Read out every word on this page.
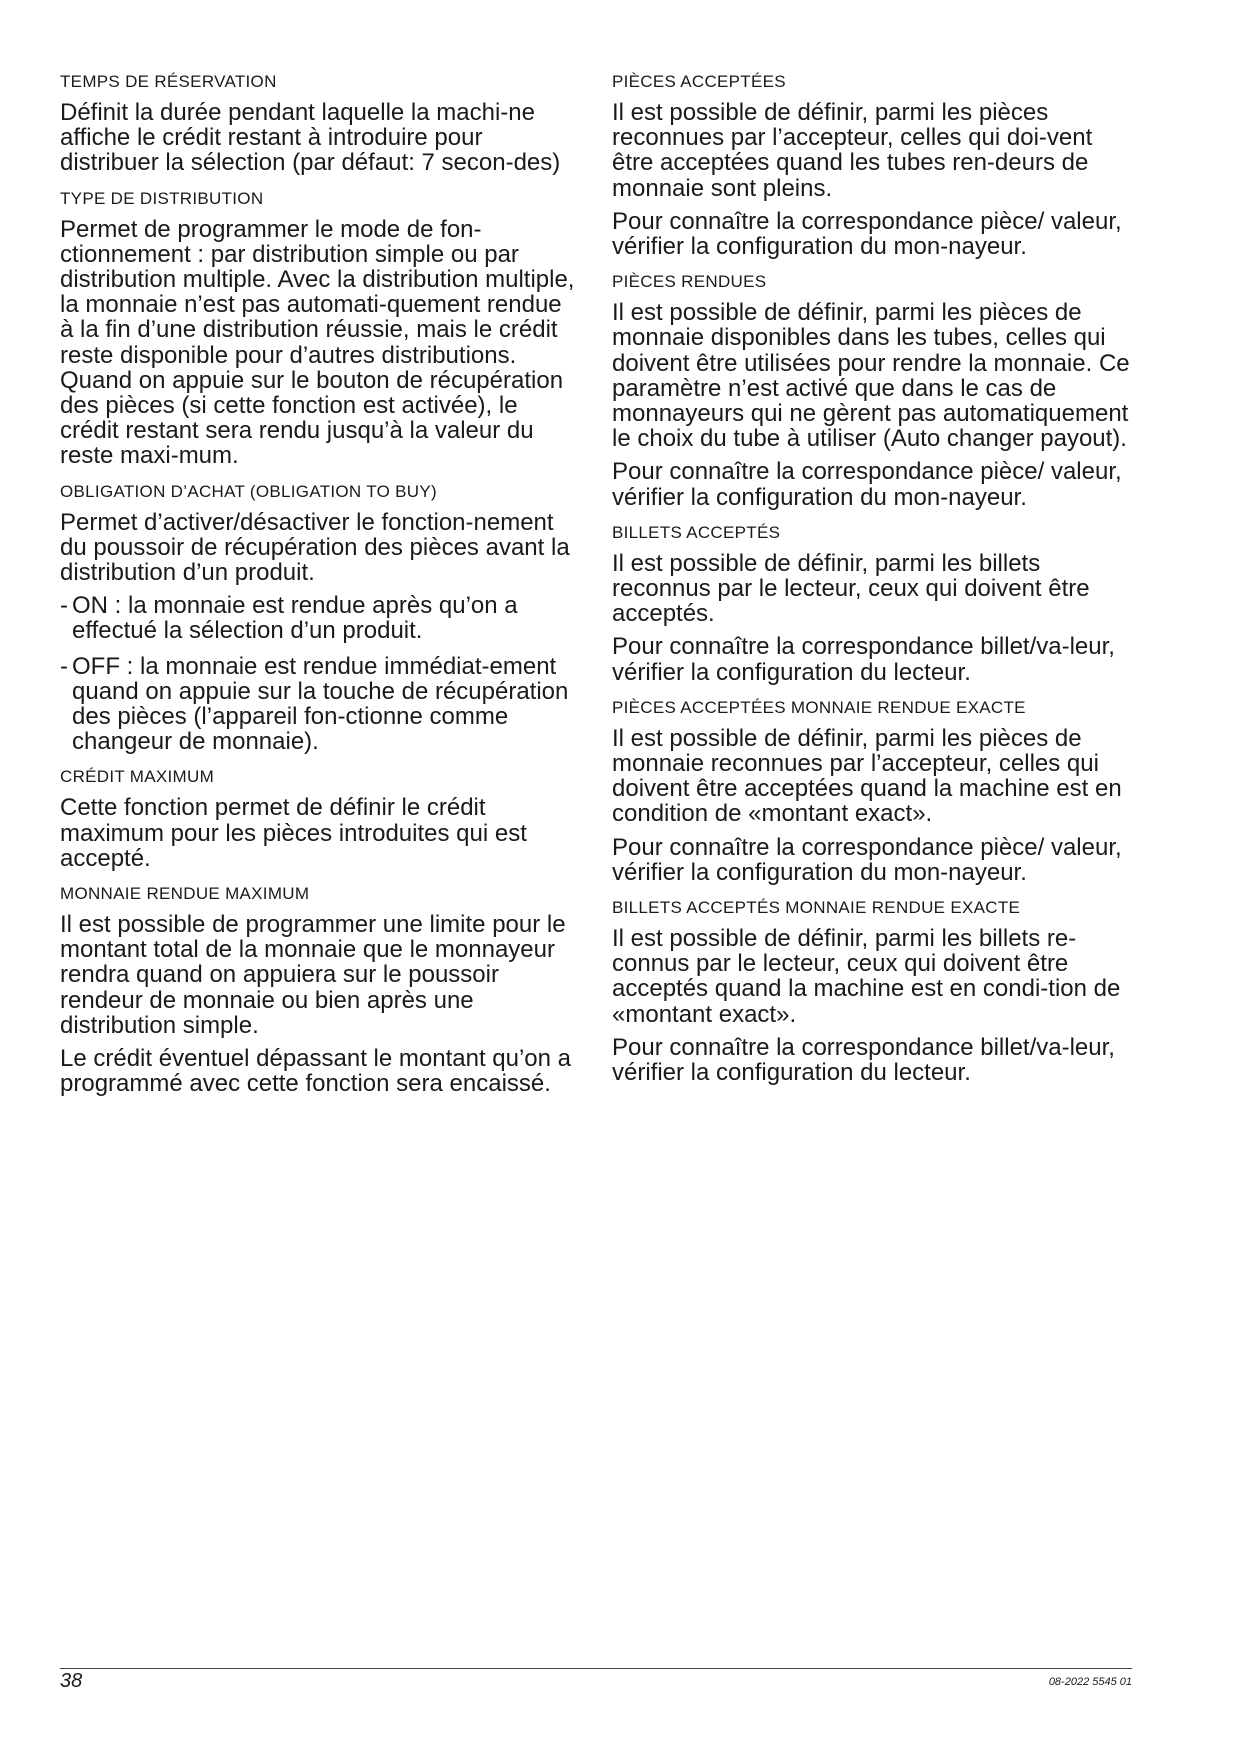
TEMPS DE RÉSERVATION
Définit la durée pendant laquelle la machi-ne affiche le crédit restant à introduire pour distribuer la sélection (par défaut: 7 secon-des)
TYPE DE DISTRIBUTION
Permet de programmer le mode de fon-ctionnement : par distribution simple ou par distribution multiple. Avec la distribution multiple, la monnaie n’est pas automati-quement rendue à la fin d’une distribution réussie, mais le crédit reste disponible pour d’autres distributions. Quand on appuie sur le bouton de récupération des pièces (si cette fonction est activée), le crédit restant sera rendu jusqu’à la valeur du reste maxi-mum.
OBLIGATION D’ACHAT (OBLIGATION TO BUY)
Permet d’activer/désactiver le fonction-nement du poussoir de récupération des pièces avant la distribution d’un produit.
- ON : la monnaie est rendue après qu’on a effectué la sélection d’un produit.
- OFF : la monnaie est rendue immédiat-ement quand on appuie sur la touche de récupération des pièces (l’appareil fon-ctionne comme changeur de monnaie).
CRÉDIT MAXIMUM
Cette fonction permet de définir le crédit maximum pour les pièces introduites qui est accepté.
MONNAIE RENDUE MAXIMUM
Il est possible de programmer une limite pour le montant total de la monnaie que le monnayeur rendra quand on appuiera sur le poussoir rendeur de monnaie ou bien après une distribution simple.
Le crédit éventuel dépassant le montant qu’on a programmé avec cette fonction sera encaissé.
PIÈCES ACCEPTÉES
Il est possible de définir, parmi les pièces reconnues par l’accepteur, celles qui doi-vent être acceptées quand les tubes ren-deurs de monnaie sont pleins.
Pour connaître la correspondance pièce/ valeur, vérifier la configuration du mon-nayeur.
PIÈCES RENDUES
Il est possible de définir, parmi les pièces de monnaie disponibles dans les tubes, celles qui doivent être utilisées pour rendre la monnaie. Ce paramètre n’est activé que dans le cas de monnayeurs qui ne gèrent pas automatiquement le choix du tube à utiliser (Auto changer payout).
Pour connaître la correspondance pièce/ valeur, vérifier la configuration du mon-nayeur.
BILLETS ACCEPTÉS
Il est possible de définir, parmi les billets reconnus par le lecteur, ceux qui doivent être acceptés.
Pour connaître la correspondance billet/va-leur, vérifier la configuration du lecteur.
PIÈCES ACCEPTÉES MONNAIE RENDUE EXACTE
Il est possible de définir, parmi les pièces de monnaie reconnues par l’accepteur, celles qui doivent être acceptées quand la machine est en condition de «montant exact».
Pour connaître la correspondance pièce/ valeur, vérifier la configuration du mon-nayeur.
BILLETS ACCEPTÉS MONNAIE RENDUE EXACTE
Il est possible de définir, parmi les billets re-connus par le lecteur, ceux qui doivent être acceptés quand la machine est en condi-tion de «montant exact».
Pour connaître la correspondance billet/va-leur, vérifier la configuration du lecteur.
38	08-2022 5545 01
